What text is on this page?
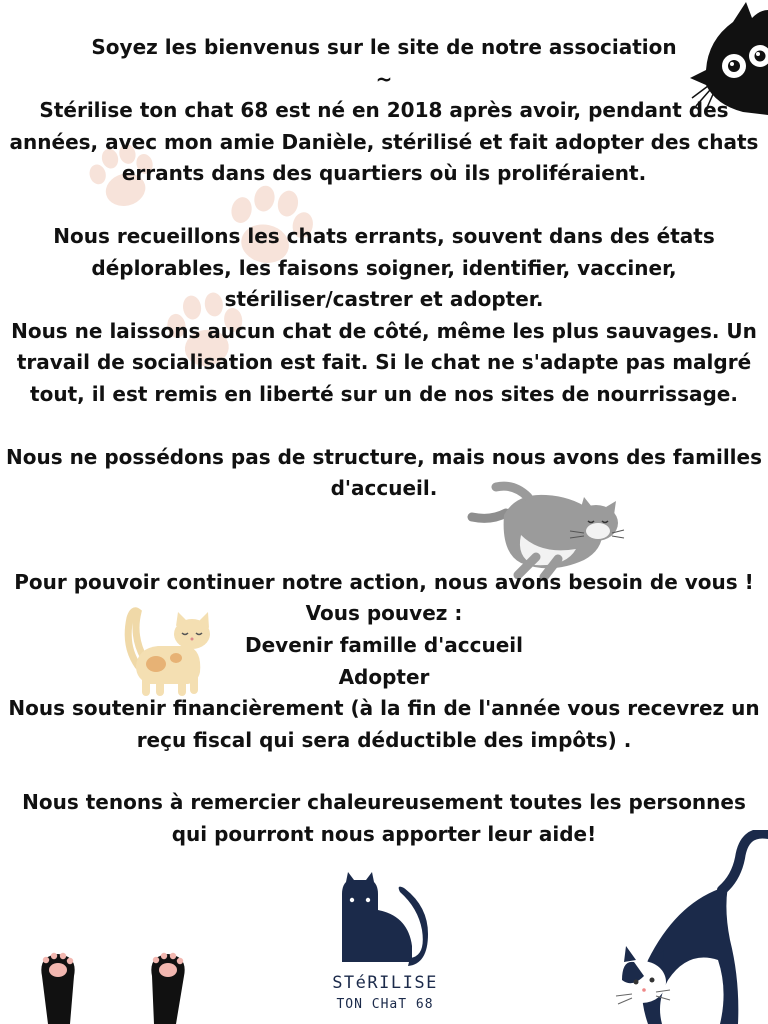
STéRILISE
TON CHaT 68

Soyez les bienvenus sur le site de notre association

~

Stérilise ton chat 68 est né en 2018 après avoir, pendant des

années, avec mon amie Danièle, stérilisé et fait adopter des chats

errants dans des quartiers où ils proliféraient.

Nous recueillons les chats errants, souvent dans des états

déplorables, les faisons soigner, identifier, vacciner,

stériliser/castrer et adopter.

Nous ne laissons aucun chat de côté, même les plus sauvages. Un

travail de socialisation est fait. Si le chat ne s'adapte pas malgré

tout, il est remis en liberté sur un de nos sites de nourrissage.

Nous ne possédons pas de structure, mais nous avons des familles

d'accueil.

Pour pouvoir continuer notre action, nous avons besoin de vous !

Vous pouvez :

Devenir famille d'accueil

Adopter

Nous soutenir financièrement (à la fin de l'année vous recevrez un

reçu fiscal qui sera déductible des impôts) .

Nous tenons à remercier chaleureusement toutes les personnes

qui pourront nous apporter leur aide!
